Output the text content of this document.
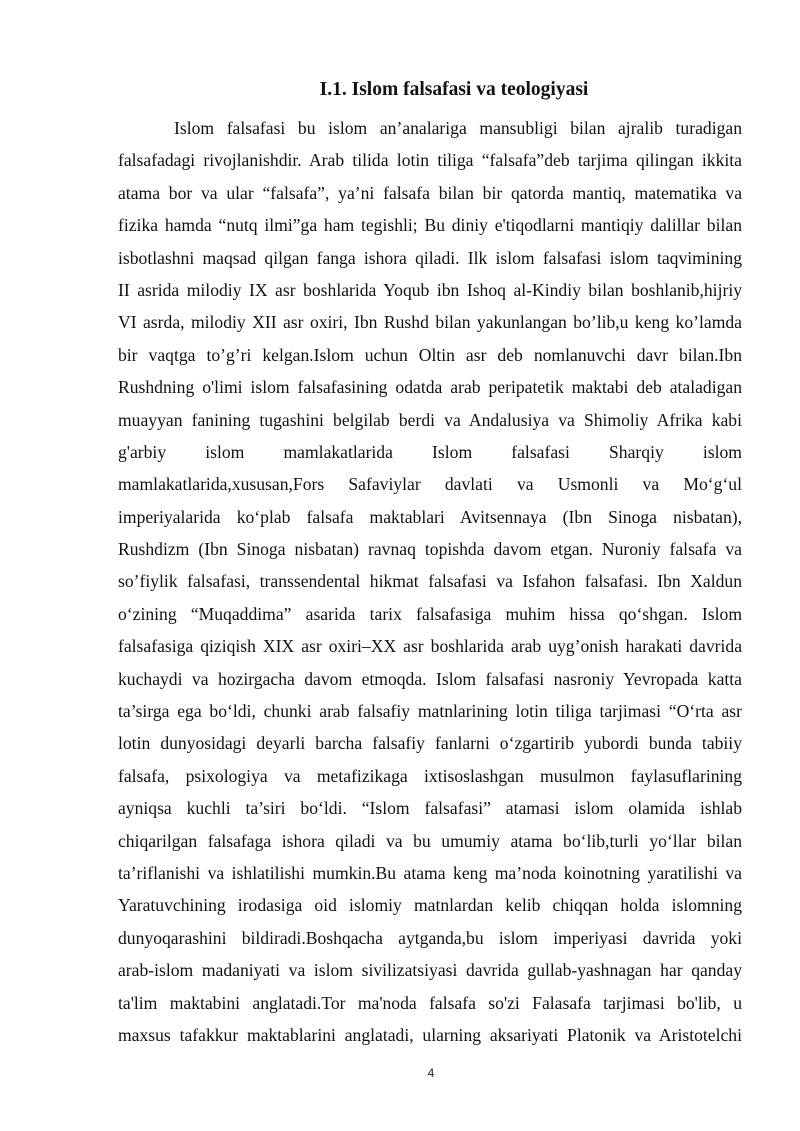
I.1. Islom falsafasi va teologiyasi
Islom falsafasi bu islom an’analariga mansubligi bilan ajralib turadigan
falsafadagi rivojlanishdir. Arab tilida lotin tiliga “falsafa”deb tarjima qilingan ikkita
atama bor va ular “falsafa”, ya’ni falsafa bilan bir qatorda mantiq, matematika va
fizika hamda “nutq ilmi”ga ham tegishli; Bu diniy e'tiqodlarni mantiqiy dalillar bilan
isbotlashni maqsad qilgan fanga ishora qiladi. Ilk islom falsafasi islom taqvimining
II asrida milodiy IX asr boshlarida Yoqub ibn Ishoq al-Kindiy bilan boshlanib,hijriy
VI asrda, milodiy XII asr oxiri, Ibn Rushd bilan yakunlangan bo’lib,u keng ko’lamda
bir vaqtga to’g’ri kelgan.Islom uchun Oltin asr deb nomlanuvchi davr bilan.Ibn
Rushdning o'limi islom falsafasining odatda arab peripatetik maktabi deb ataladigan
muayyan fanining tugashini belgilab berdi va Andalusiya va Shimoliy Afrika kabi
g'arbiy islom mamlakatlarida Islom falsafasi Sharqiy islom
mamlakatlarida,xususan,Fors Safaviylar davlati va Usmonli va Mo‘g‘ul
imperiyalarida ko‘plab falsafa maktablari Avitsennaya (Ibn Sinoga nisbatan),
Rushdizm (Ibn Sinoga nisbatan) ravnaq topishda davom etgan. Nuroniy falsafa va
so’fiylik falsafasi, transsendental hikmat falsafasi va Isfahon falsafasi. Ibn Xaldun
o‘zining “Muqaddima” asarida tarix falsafasiga muhim hissa qo‘shgan. Islom
falsafasiga qiziqish XIX asr oxiri–XX asr boshlarida arab uyg’onish harakati davrida
kuchaydi va hozirgacha davom etmoqda. Islom falsafasi nasroniy Yevropada katta
ta’sirga ega bo‘ldi, chunki arab falsafiy matnlarining lotin tiliga tarjimasi “O‘rta asr
lotin dunyosidagi deyarli barcha falsafiy fanlarni o‘zgartirib yubordi bunda tabiiy
falsafa, psixologiya va metafizikaga ixtisoslashgan musulmon faylasuflarining
ayniqsa kuchli ta’siri bo‘ldi. “Islom falsafasi” atamasi islom olamida ishlab
chiqarilgan falsafaga ishora qiladi va bu umumiy atama bo‘lib,turli yo‘llar bilan
ta’riflanishi va ishlatilishi mumkin.Bu atama keng ma’noda koinotning yaratilishi va
Yaratuvchining irodasiga oid islomiy matnlardan kelib chiqqan holda islomning
dunyoqarashini bildiradi.Boshqacha aytganda,bu islom imperiyasi davrida yoki
arab-islom madaniyati va islom sivilizatsiyasi davrida gullab-yashnagan har qanday
ta'lim maktabini anglatadi.Tor ma'noda falsafa so'zi Falasafa tarjimasi bo'lib, u
maxsus tafakkur maktablarini anglatadi, ularning aksariyati Platonik va Aristotelchi
4
